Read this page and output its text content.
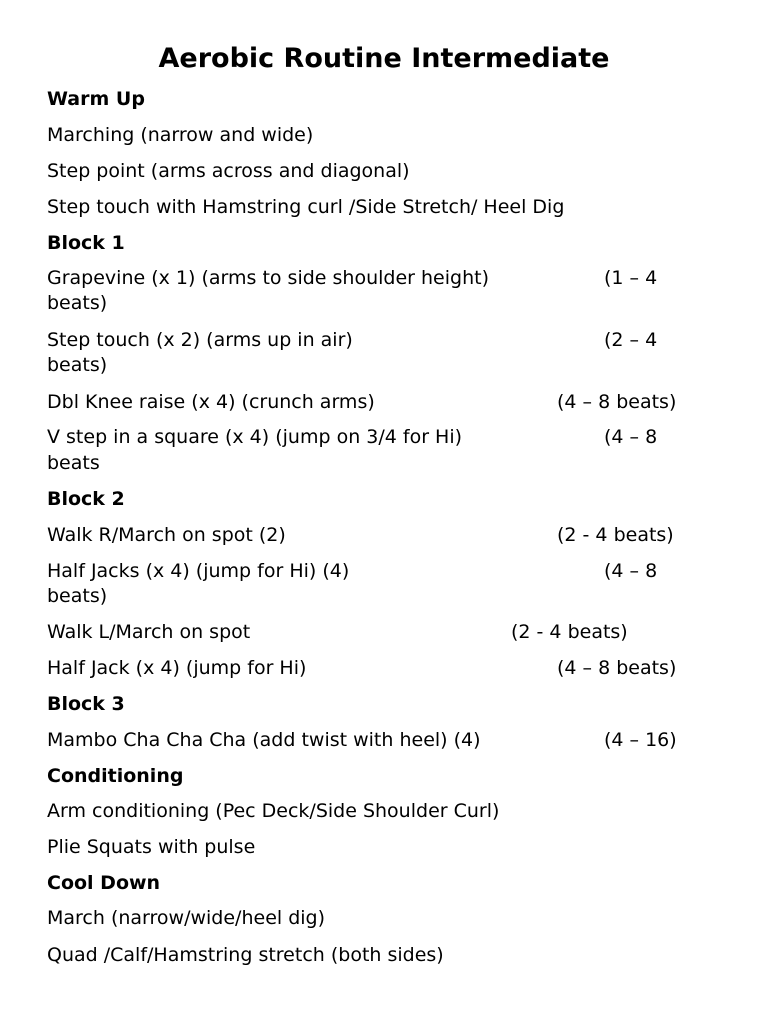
Aerobic Routine Intermediate
Warm Up
Marching (narrow and wide)
Step point (arms across and diagonal)
Step touch with Hamstring curl /Side Stretch/ Heel Dig
Block 1
Grapevine (x 1) (arms to side shoulder height)	(1 – 4
beats)
Step touch (x 2) (arms up in air)	(2 – 4
beats)
Dbl Knee raise (x 4) (crunch arms)	(4 – 8 beats)
V step in a square (x 4) (jump on 3/4 for Hi)	(4 – 8
beats
Block 2
Walk R/March on spot (2)	(2 - 4 beats)
Half Jacks (x 4) (jump for Hi) (4)	(4 – 8
beats)
Walk L/March on spot	(2 - 4 beats)
Half Jack (x 4) (jump for Hi)	(4 – 8 beats)
Block 3
Mambo Cha Cha Cha (add twist with heel) (4)	(4 – 16)
Conditioning
Arm conditioning (Pec Deck/Side Shoulder Curl)
Plie Squats with pulse
Cool Down
March (narrow/wide/heel dig)
Quad /Calf/Hamstring stretch (both sides)
